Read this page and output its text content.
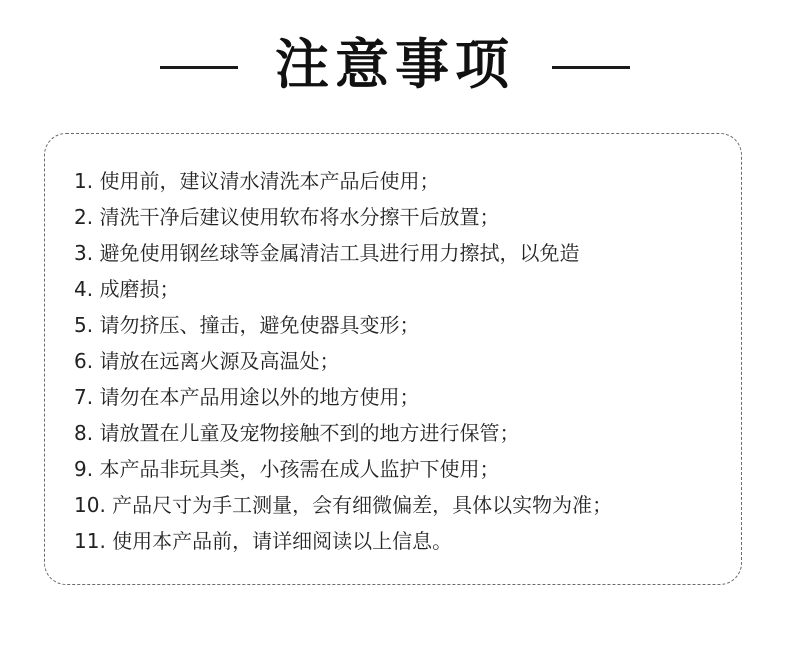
注意事项
1. 使用前，建议清水清洗本产品后使用；
2. 清洗干净后建议使用软布将水分擦干后放置；
3. 避免使用钢丝球等金属清洁工具进行用力擦拭，以免造
4. 成磨损；
5. 请勿挤压、撞击，避免使器具变形；
6. 请放在远离火源及高温处；
7. 请勿在本产品用途以外的地方使用；
8. 请放置在儿童及宠物接触不到的地方进行保管；
9. 本产品非玩具类，小孩需在成人监护下使用；
10. 产品尺寸为手工测量，会有细微偏差，具体以实物为准；
11. 使用本产品前，请详细阅读以上信息。
